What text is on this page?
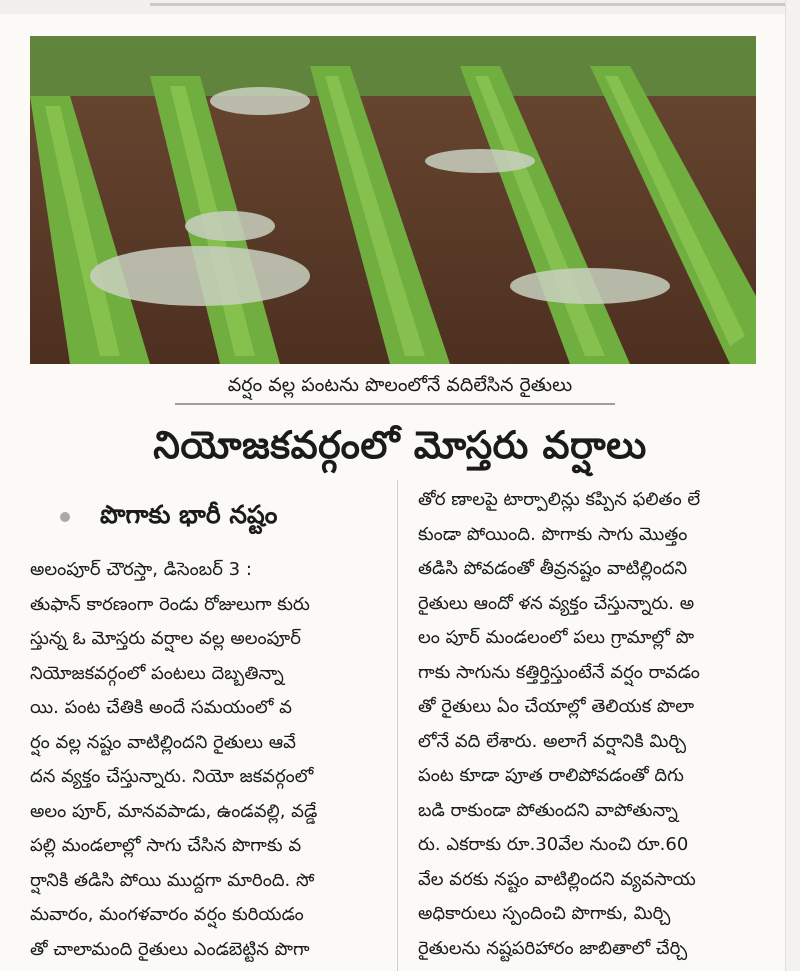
వర్షం వల్ల పంటను పొలంలోనే వదిలేసిన రైతులు
నియోజకవర్గంలో మోస్తరు వర్షాలు
పొగాకు భారీ నష్టం
అలంపూర్ చౌరస్తా, డిసెంబర్ 3 :
తుఫాన్ కారణంగా రెండు రోజులుగా కురు
స్తున్న ఓ మోస్తరు వర్షాల వల్ల అలంపూర్
నియోజకవర్గంలో పంటలు దెబ్బతిన్నా
యి. పంట చేతికి అందే సమయంలో వ
ర్షం వల్ల నష్టం వాటిల్లిందని రైతులు ఆవే
దన వ్యక్తం చేస్తున్నారు. నియో జకవర్గంలో
అలం పూర్, మానవపాడు, ఉండవల్లి, వడ్డే
పల్లి మండలాల్లో సాగు చేసిన పొగాకు వ
ర్షానికి తడిసి పోయి ముద్దగా మారింది. సో
మవారం, మంగళవారం వర్షం కురియడం
తో చాలామంది రైతులు ఎండబెట్టిన పొగా
తోర ణాలపై టార్పాలిన్లు కప్పిన ఫలితం లే
కుండా పోయింది. పొగాకు సాగు మొత్తం
తడిసి పోవడంతో తీవ్రనష్టం వాటిల్లిందని
రైతులు ఆందో ళన వ్యక్తం చేస్తున్నారు. అ
లం పూర్ మండలంలో పలు గ్రామాల్లో పొ
గాకు సాగును కత్తిర్తిస్తుంటేనే వర్షం రావడం
తో రైతులు ఏం చేయాల్లో తెలియక పొలా
లోనే వది లేశారు. అలాగే వర్షానికి మిర్చి
పంట కూడా పూత రాలిపోవడంతో దిగు
బడి రాకుండా పోతుందని వాపోతున్నా
రు. ఎకరాకు రూ.30వేల నుంచి రూ.60
వేల వరకు నష్టం వాటిల్లిందని వ్యవసాయ
అధికారులు స్పందించి పొగాకు, మిర్చి
రైతులను నష్టపరిహారం జాబితాలో చేర్చి
